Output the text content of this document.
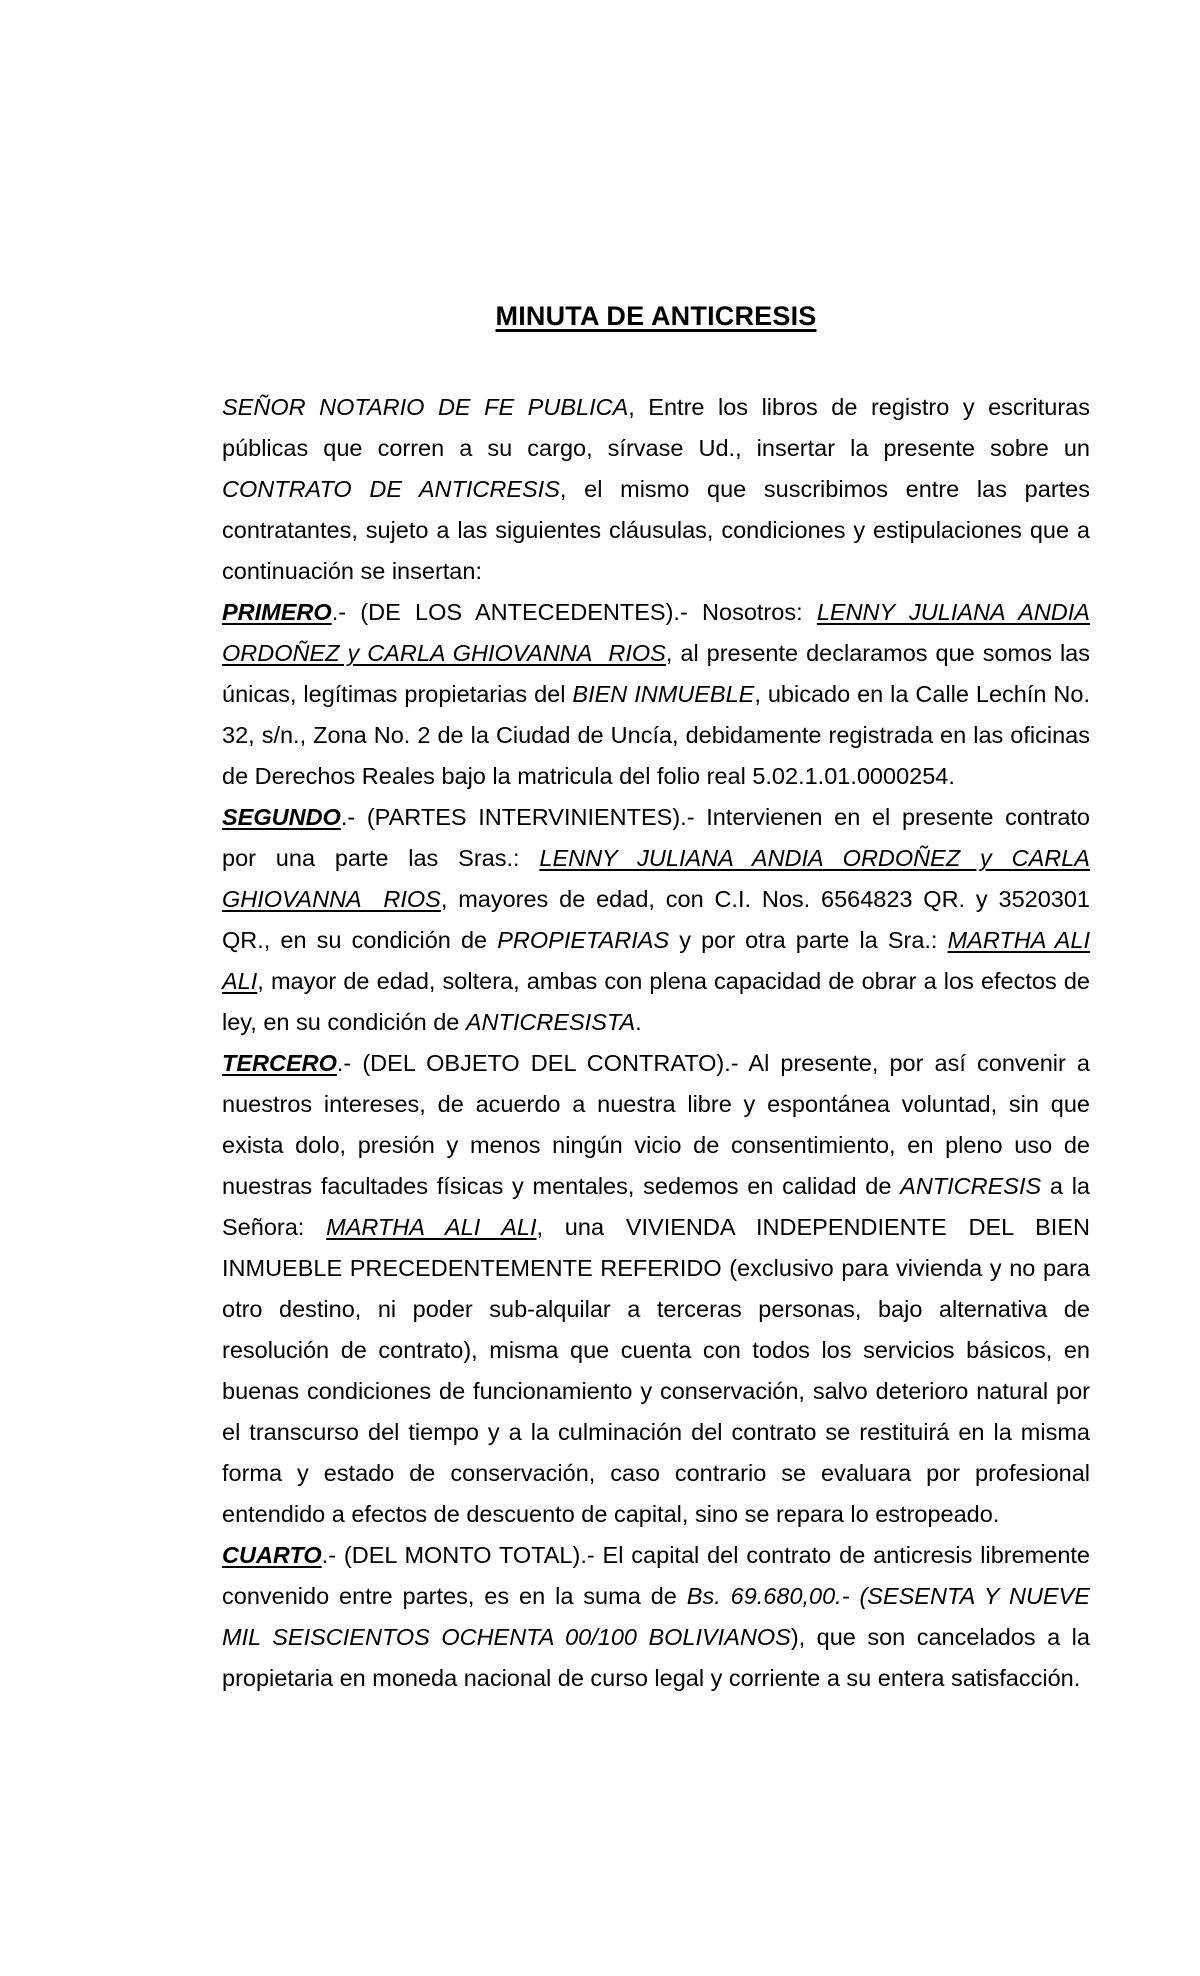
MINUTA DE ANTICRESIS

SEÑOR NOTARIO DE FE PUBLICA, Entre los libros de registro y escrituras públicas que corren a su cargo, sírvase Ud., insertar la presente sobre un CONTRATO DE ANTICRESIS, el mismo que suscribimos entre las partes contratantes, sujeto a las siguientes cláusulas, condiciones y estipulaciones que a continuación se insertan:

PRIMERO.- (DE LOS ANTECEDENTES).- Nosotros: LENNY JULIANA ANDIA ORDOÑEZ y CARLA GHIOVANNA  RIOS, al presente declaramos que somos las únicas, legítimas propietarias del BIEN INMUEBLE, ubicado en la Calle Lechín No. 32, s/n., Zona No. 2 de la Ciudad de Uncía, debidamente registrada en las oficinas de Derechos Reales bajo la matricula del folio real 5.02.1.01.0000254.

SEGUNDO.- (PARTES INTERVINIENTES).- Intervienen en el presente contrato por una parte las Sras.: LENNY JULIANA ANDIA ORDOÑEZ y CARLA GHIOVANNA  RIOS, mayores de edad, con C.I. Nos. 6564823 QR. y 3520301 QR., en su condición de PROPIETARIAS y por otra parte la Sra.: MARTHA ALI ALI, mayor de edad, soltera, ambas con plena capacidad de obrar a los efectos de ley, en su condición de ANTICRESISTA.

TERCERO.- (DEL OBJETO DEL CONTRATO).- Al presente, por así convenir a nuestros intereses, de acuerdo a nuestra libre y espontánea voluntad, sin que exista dolo, presión y menos ningún vicio de consentimiento, en pleno uso de nuestras facultades físicas y mentales, sedemos en calidad de ANTICRESIS a la Señora: MARTHA ALI ALI, una VIVIENDA INDEPENDIENTE DEL BIEN INMUEBLE PRECEDENTEMENTE REFERIDO (exclusivo para vivienda y no para otro destino, ni poder sub-alquilar a terceras personas, bajo alternativa de resolución de contrato), misma que cuenta con todos los servicios básicos, en buenas condiciones de funcionamiento y conservación, salvo deterioro natural por el transcurso del tiempo y a la culminación del contrato se restituirá en la misma forma y estado de conservación, caso contrario se evaluara por profesional entendido a efectos de descuento de capital, sino se repara lo estropeado.

CUARTO.- (DEL MONTO TOTAL).- El capital del contrato de anticresis libremente convenido entre partes, es en la suma de Bs. 69.680,00.- (SESENTA Y NUEVE MIL SEISCIENTOS OCHENTA 00/100 BOLIVIANOS), que son cancelados a la propietaria en moneda nacional de curso legal y corriente a su entera satisfacción.
